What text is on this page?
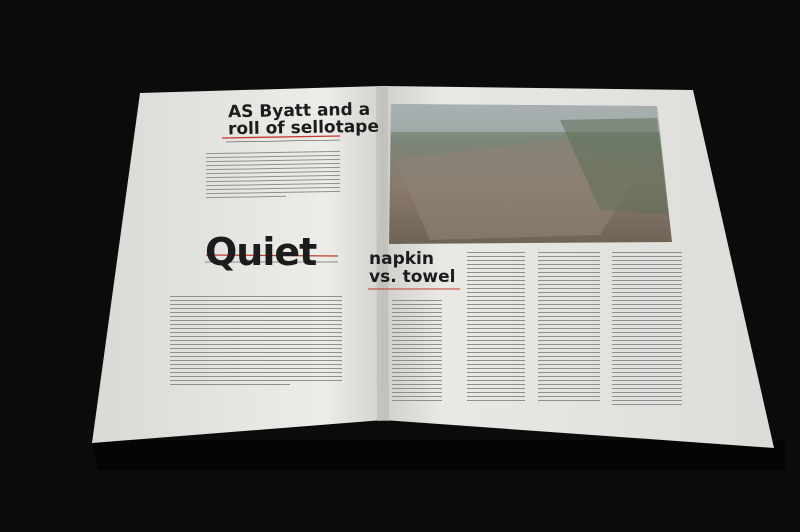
AS Byatt and a
roll of sellotape
Quiet	napkin
vs. towel
